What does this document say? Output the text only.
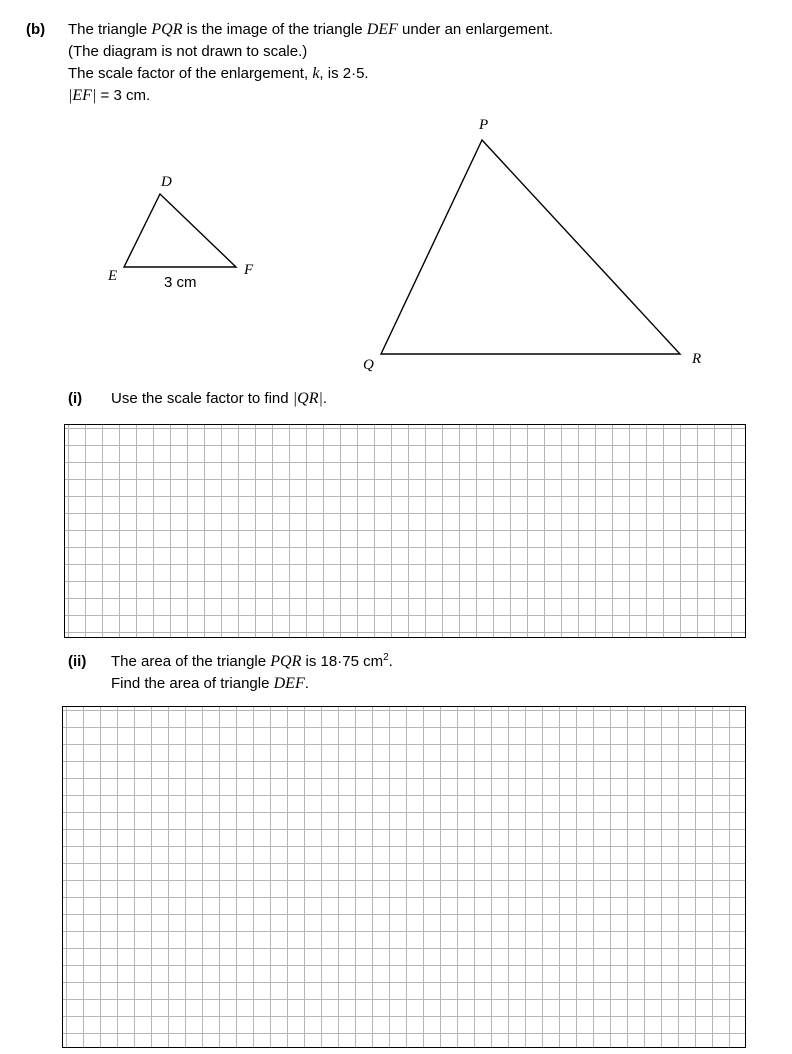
(b) The triangle PQR is the image of the triangle DEF under an enlargement.
(The diagram is not drawn to scale.)
The scale factor of the enlargement, k, is 2·5.
|EF| = 3 cm.
D
E	F
3 cm
P
Q	R
(i) Use the scale factor to find |QR|.
(ii) The area of the triangle PQR is 18·75 $cm^2$.
Find the area of triangle DEF.
